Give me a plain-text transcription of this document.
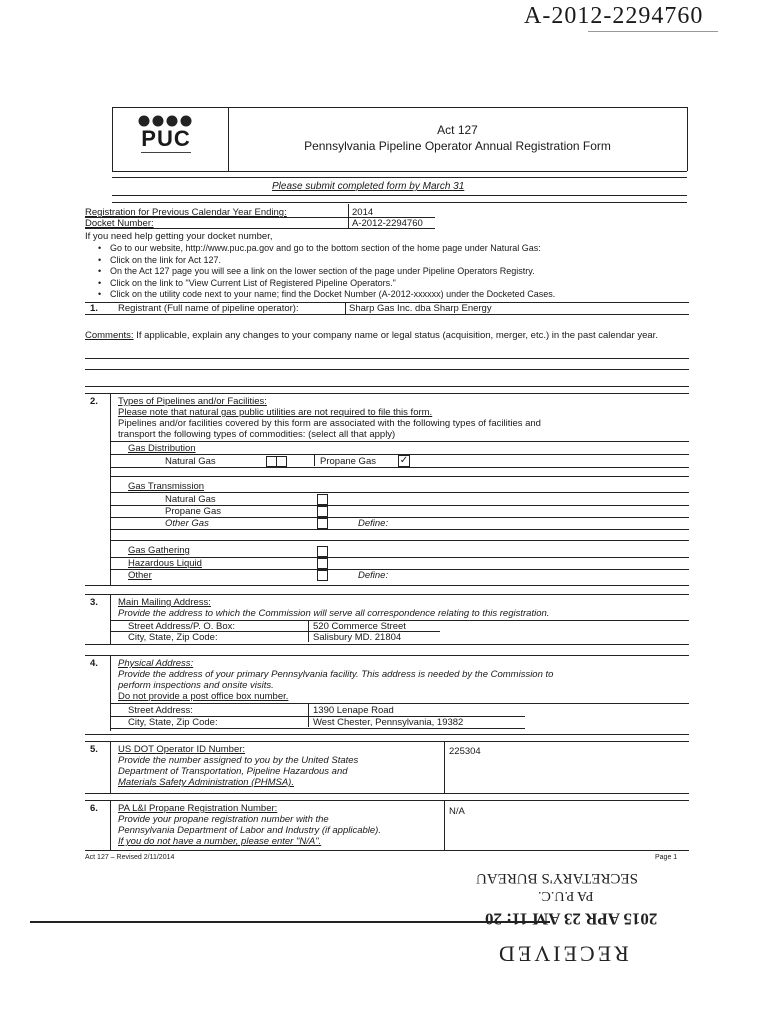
A-2012-2294760
PUC	Act 127
Pennsylvania Pipeline Operator Annual Registration Form
Please submit completed form by March 31
Registration for Previous Calendar Year Ending:	2014
Docket Number:	A-2012-2294760
If you need help getting your docket number,
• Go to our website, http://www.puc.pa.gov and go to the bottom section of the home page under Natural Gas:
• Click on the link for Act 127.
• On the Act 127 page you will see a link on the lower section of the page under Pipeline Operators Registry.
• Click on the link to "View Current List of Registered Pipeline Operators."
• Click on the utility code next to your name; find the Docket Number (A-2012-xxxxxx) under the Docketed Cases.
1. Registrant (Full name of pipeline operator):	Sharp Gas Inc. dba Sharp Energy
Comments: If applicable, explain any changes to your company name or legal status (acquisition, merger, etc.) in the past calendar year.
2. Types of Pipelines and/or Facilities:
Please note that natural gas public utilities are not required to file this form.
Pipelines and/or facilities covered by this form are associated with the following types of facilities and
transport the following types of commodities: (select all that apply)
Gas Distribution
Natural Gas	Propane Gas ✓
Gas Transmission
Natural Gas
Propane Gas
Other Gas	Define:
Gas Gathering
Hazardous Liquid
Other	Define:
3. Main Mailing Address:
Provide the address to which the Commission will serve all correspondence relating to this registration.
Street Address/P. O. Box:	520 Commerce Street
City, State, Zip Code:	Salisbury MD. 21804
4. Physical Address:
Provide the address of your primary Pennsylvania facility. This address is needed by the Commission to
perform inspections and onsite visits.
Do not provide a post office box number.
Street Address:	1390 Lenape Road
City, State, Zip Code:	West Chester, Pennsylvania, 19382
5. US DOT Operator ID Number:
Provide the number assigned to you by the United States
Department of Transportation, Pipeline Hazardous and
Materials Safety Administration (PHMSA).
225304
6. PA L&I Propane Registration Number:
Provide your propane registration number with the
Pennsylvania Department of Labor and Industry (if applicable).
If you do not have a number, please enter "N/A".
N/A
Act 127 – Revised 2/11/2014	Page 1
SECRETARY'S BUREAU
PA P.U.C.
2015 APR 23 AM 11: 20
RECEIVED
